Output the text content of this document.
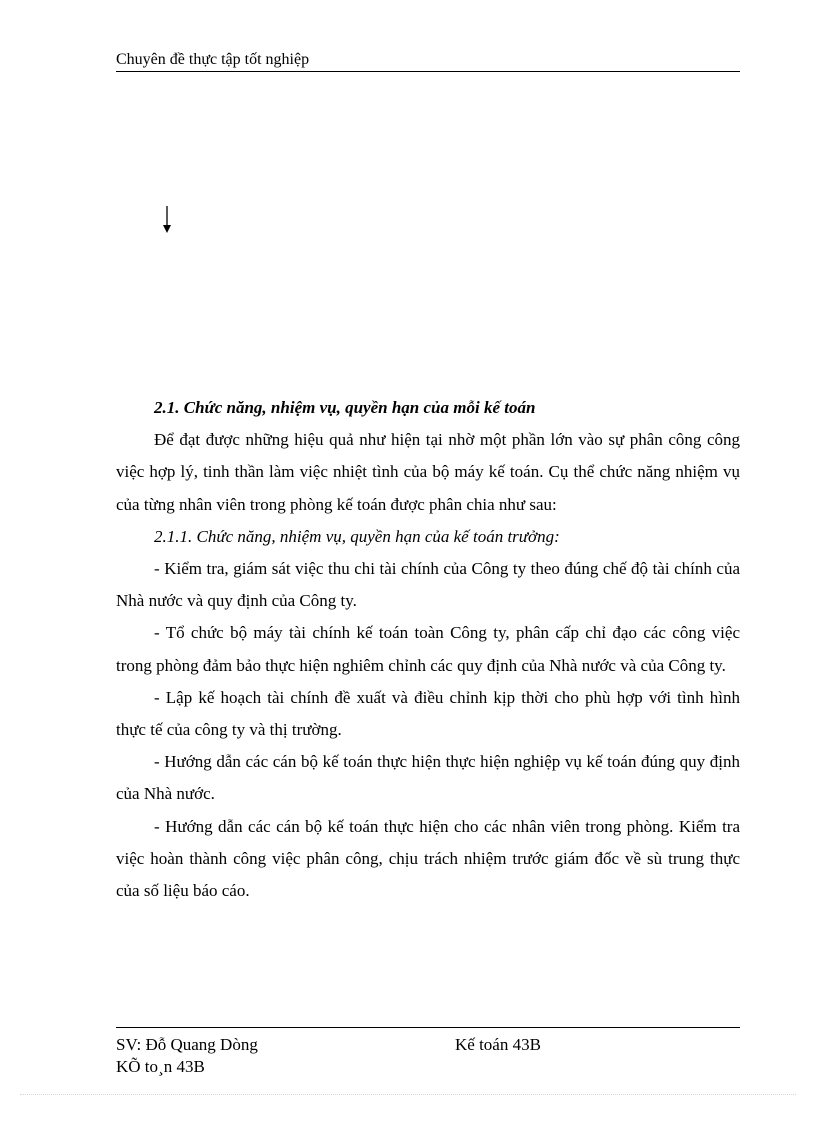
Chuyên đề thực tập tốt nghiệp

2.1. Chức năng, nhiệm vụ, quyền hạn của mỗi kế toán

Để đạt được những hiệu quả như hiện tại nhờ một phần lớn vào sự phân công công việc hợp lý, tinh thần làm việc nhiệt tình của bộ máy kế toán. Cụ thể chức năng nhiệm vụ của từng nhân viên trong phòng kế toán được phân chia như sau:

2.1.1. Chức năng, nhiệm vụ, quyền hạn của kế toán trưởng:

- Kiểm tra, giám sát việc thu chi tài chính của Công ty theo đúng chế độ tài chính của Nhà nước và quy định của Công ty.

- Tổ chức bộ máy tài chính kế toán toàn Công ty, phân cấp chỉ đạo các công việc trong phòng đảm bảo thực hiện nghiêm chỉnh các quy định của Nhà nước và của Công ty.

- Lập kế hoạch tài chính đề xuất và điều chỉnh kịp thời cho phù hợp với tình hình thực tế của công ty và thị trường.

- Hướng dẫn các cán bộ kế toán thực hiện thực hiện nghiệp vụ kế toán đúng quy định của Nhà nước.

- Hướng dẫn các cán bộ kế toán thực hiện cho các nhân viên trong phòng. Kiểm tra việc hoàn thành công việc phân công, chịu trách nhiệm trước giám đốc về sù trung thực của số liệu báo cáo.

SV: Đỗ Quang Dòng
KÕ to¸n 43B
Kế toán 43B
